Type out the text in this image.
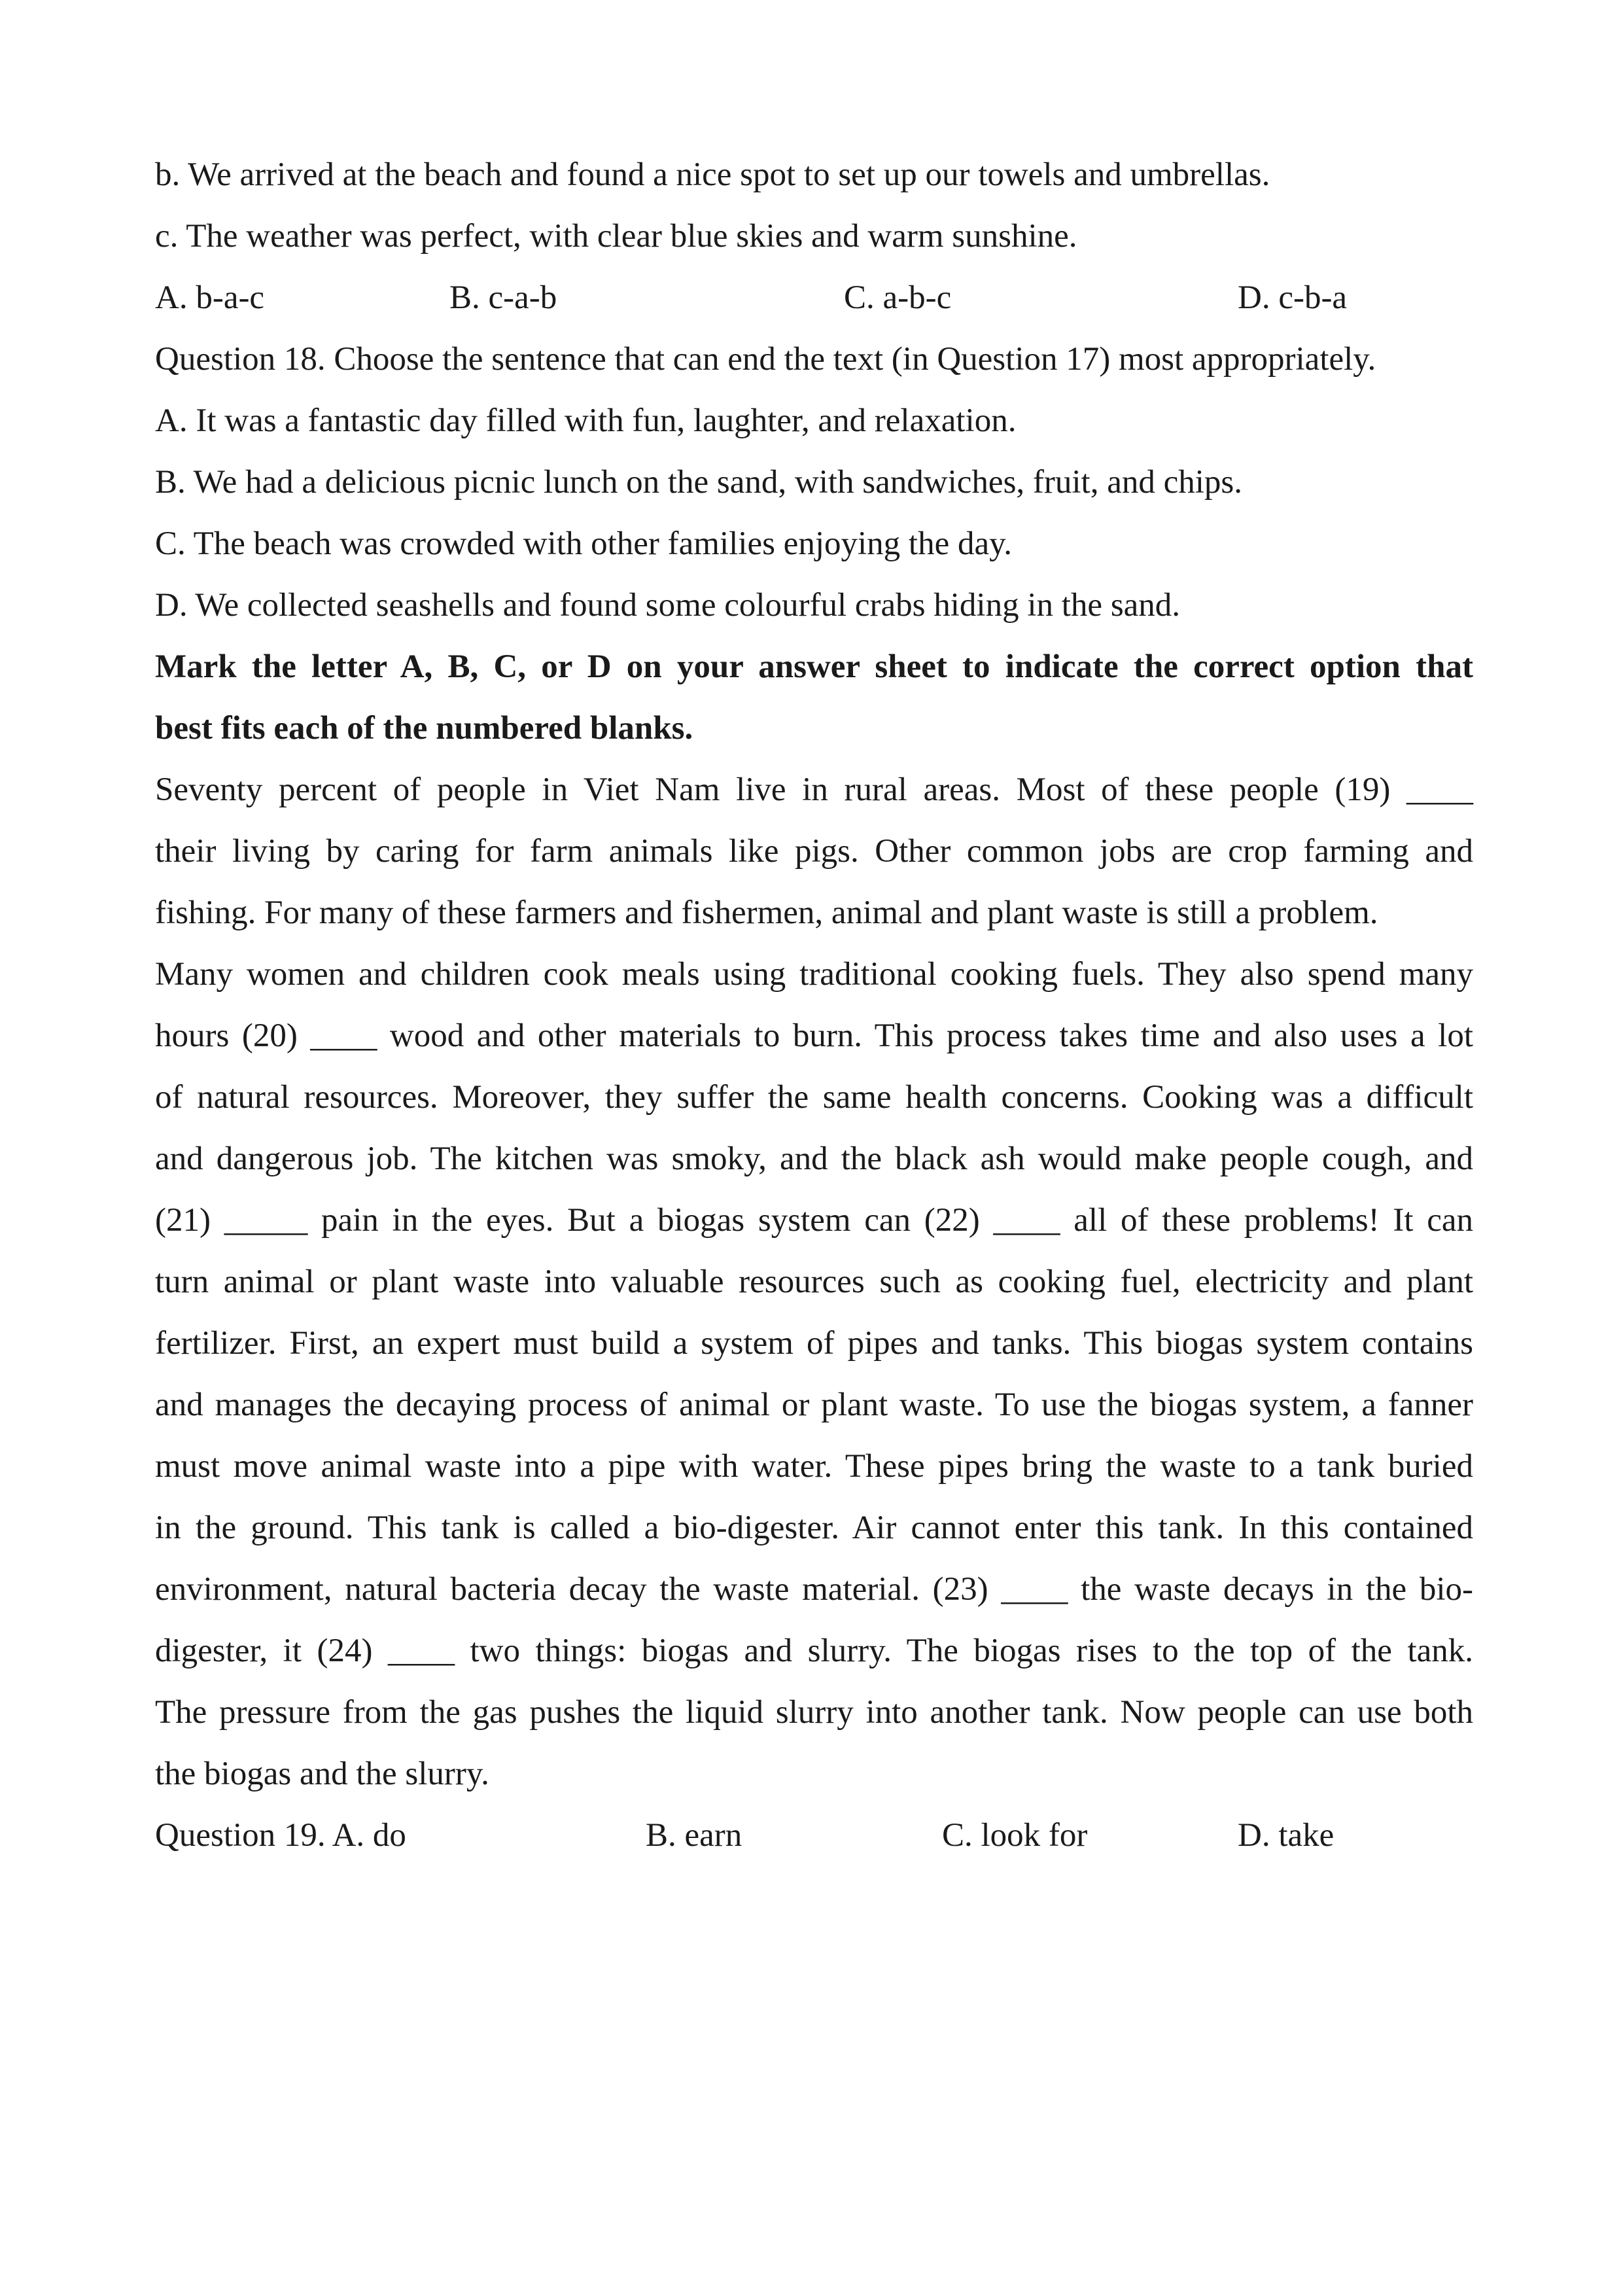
b. We arrived at the beach and found a nice spot to set up our towels and umbrellas.

c. The weather was perfect, with clear blue skies and warm sunshine.

A. b-a-c	B. c-a-b	C. a-b-c	D. c-b-a

Question 18. Choose the sentence that can end the text (in Question 17) most appropriately.

A. It was a fantastic day filled with fun, laughter, and relaxation.

B. We had a delicious picnic lunch on the sand, with sandwiches, fruit, and chips.

C. The beach was crowded with other families enjoying the day.

D. We collected seashells and found some colourful crabs hiding in the sand.

Mark the letter A, B, C, or D on your answer sheet to indicate the correct option that
best fits each of the numbered blanks.
Seventy percent of people in Viet Nam live in rural areas. Most of these people (19) ____
their living by caring for farm animals like pigs. Other common jobs are crop farming and
fishing. For many of these farmers and fishermen, animal and plant waste is still a problem.
Many women and children cook meals using traditional cooking fuels. They also spend many
hours (20) ____ wood and other materials to burn. This process takes time and also uses a lot
of natural resources. Moreover, they suffer the same health concerns. Cooking was a difficult
and dangerous job. The kitchen was smoky, and the black ash would make people cough, and
(21) _____ pain in the eyes. But a biogas system can (22) ____ all of these problems! It can
turn animal or plant waste into valuable resources such as cooking fuel, electricity and plant
fertilizer. First, an expert must build a system of pipes and tanks. This biogas system contains
and manages the decaying process of animal or plant waste. To use the biogas system, a fanner
must move animal waste into a pipe with water. These pipes bring the waste to a tank buried
in the ground. This tank is called a bio-digester. Air cannot enter this tank. In this contained
environment, natural bacteria decay the waste material. (23) ____ the waste decays in the bio-
digester, it (24) ____ two things: biogas and slurry. The biogas rises to the top of the tank.
The pressure from the gas pushes the liquid slurry into another tank. Now people can use both
the biogas and the slurry.
Question 19. A. do	B. earn	C. look for	D. take
